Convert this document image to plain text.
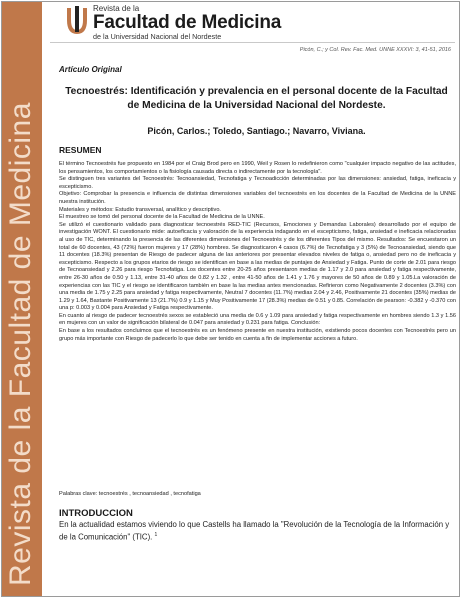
Revista de la Facultad de Medicina
Revista de la
Facultad de Medicina
de la Universidad Nacional del Nordeste
Picón, C.; y Col. Rev. Fac. Med. UNNE XXXVI: 3, 41-51, 2016
Artículo Original
Tecnoestrés: Identificación y prevalencia en el personal docente de la Facultad de Medicina de la Universidad Nacional del Nordeste.
Picón, Carlos.; Toledo, Santiago.; Navarro, Viviana.
RESUMEN

El término Tecnoestrés fue propuesto en 1984 por el Craig Brod pero en 1990, Weil y Rosen lo redefinieron como "cualquier impacto negativo de las actitudes, los pensamientos, los comportamientos o la fisiología causada directa o indirectamente por la tecnología".

Se distinguen tres variantes del Tecnoestrés: Tecnoansiedad, Tecnofatiga y Tecnoadicción determinadas por las dimensiones: ansiedad, fatiga, ineficacia y escepticismo.

Objetivo: Comprobar la presencia e influencia de distintas dimensiones variables del tecnoestrés en los docentes de la Facultad de Medicina de la UNNE nuestra institución.

Materiales y métodos: Estudio transversal, analítico y descriptivo.

El muestreo se tomó del personal docente de la Facultad de Medicina de la UNNE.

Se utilizó el cuestionario validado para diagnosticar tecnoestrés RED-TIC (Recursos, Emociones y Demandas Laborales) desarrollado por el equipo de investigación WONT. El cuestionario mide: autoeficacia y valoración de la experiencia indagando en el escepticismo, fatiga, ansiedad e ineficacia relacionadas al uso de TIC, determinando la presencia de las diferentes dimensiones del Tecnoestrés y de los diferentes Tipos del mismo. Resultados: Se encuestaron un total de 60 docentes, 43 (72%) fueron mujeres y 17 (28%) hombres. Se diagnosticaron 4 casos (6.7%) de Tecnofatiga y 3 (5%) de Tecnoansiedad, siendo que 11 docentes (18.3%) presentan de Riesgo de padecer alguna de las anteriores por presentar elevados niveles de fatiga o, ansiedad pero no de ineficacia y escepticismo. Respecto a los grupos etarios de riesgo se identifican en base a las medias de puntajes de Ansiedad y Fatiga. Punto de corte de 2.01 para riesgo de Tecnoansiedad y 2.26 para riesgo Tecnofatiga. Los docentes entre 20-25 años presentaron medias de 1.17 y 2.0 para ansiedad y fatiga respectivamente, entre 26-30 años de 0.50 y 1.13, entre 31-40 años de 0.82 y 1.32 , entre 41-50 años de 1.41 y 1.76 y mayores de 50 años de 0.89 y 1.05.La valoración de experiencias con las TIC y el riesgo se identificaron también en base la las medias antes mencionadas. Refirieron como Negativamente 2 docentes (3.3%) con una media de 1.75 y 2.25 para ansiedad y fatiga respectivamente, Neutral 7 docentes (11.7%) medias 2.04 y 2.46, Positivamente 21 docentes (35%) medias de 1.29 y 1.64, Bastante Positivamente 13 (21.7%) 0.9 y 1.15 y Muy Positivamente 17 (28.3%) medias de 0.51 y 0.85. Correlación de pearson: -0.382 y -0.370 con una p: 0.003 y 0.004 para Ansiedad y Fatiga respectivamente.

En cuanto al riesgo de padecer tecnoestrés sexos se estableció una media de 0.6 y 1.09 para ansiedad y fatiga respectivamente en hombres siendo 1.3 y 1.56 en mujeres con un valor de significación bilateral de 0.047 para ansiedad y 0.231 para fatiga. Conclusión:

En base a los resultados concluimos que el tecnoestrés es un fenómeno presente en nuestra institución, existiendo pocos docentes con Tecnoestrés pero un grupo más importante con Riesgo de padecerlo lo que debe ser tenido en cuenta a fin de implementar acciones a futuro.

Palabras clave: tecnoestrés , tecnoansiedad , tecnofatiga
INTRODUCCION

En la actualidad estamos viviendo lo que Castells ha llamado la "Revolución de la Tecnología de la Información y de la Comunicación" (TIC). $^1$
